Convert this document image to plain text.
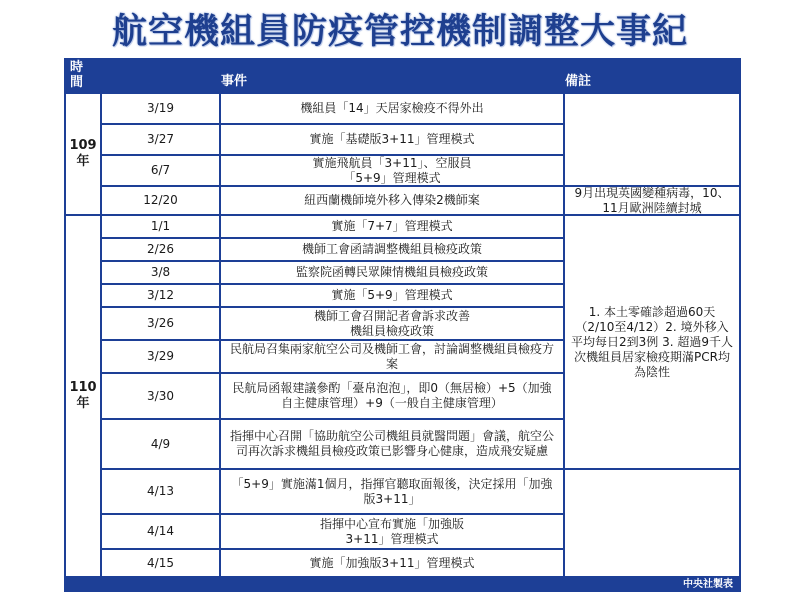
航空機組員防疫管控機制調整大事紀
時間	事件	備註
109年
110年
3/19
3/27
6/7
12/20
1/1
2/26
3/8
3/12
3/26
3/29
3/30
4/9
4/13
4/14
4/15
機組員「14」天居家檢疫不得外出
實施「基礎版3+11」管理模式
實施飛航員「3+11」、空服員「5+9」管理模式
紐西蘭機師境外移入傳染2機師案
實施「7+7」管理模式
機師工會函請調整機組員檢疫政策
監察院函轉民眾陳情機組員檢疫政策
實施「5+9」管理模式
機師工會召開記者會訴求改善機組員檢疫政策
民航局召集兩家航空公司及機師工會，討論調整機組員檢疫方案
民航局函報建議參酌「臺帛泡泡」，即0（無居檢）+5（加強自主健康管理）+9（一般自主健康管理）
指揮中心召開「協助航空公司機組員就醫問題」會議，航空公司再次訴求機組員檢疫政策已影響身心健康，造成飛安疑慮
「5+9」實施滿1個月，指揮官聽取面報後，決定採用「加強版3+11」
指揮中心宣布實施「加強版3+11」管理模式
實施「加強版3+11」管理模式
9月出現英國變種病毒，10、11月歐洲陸續封城
1. 本土零確診超過60天（2/10至4/12）2. 境外移入平均每日2到3例 3. 超過9千人次機組員居家檢疫期滿PCR均為陰性
中央社製表
